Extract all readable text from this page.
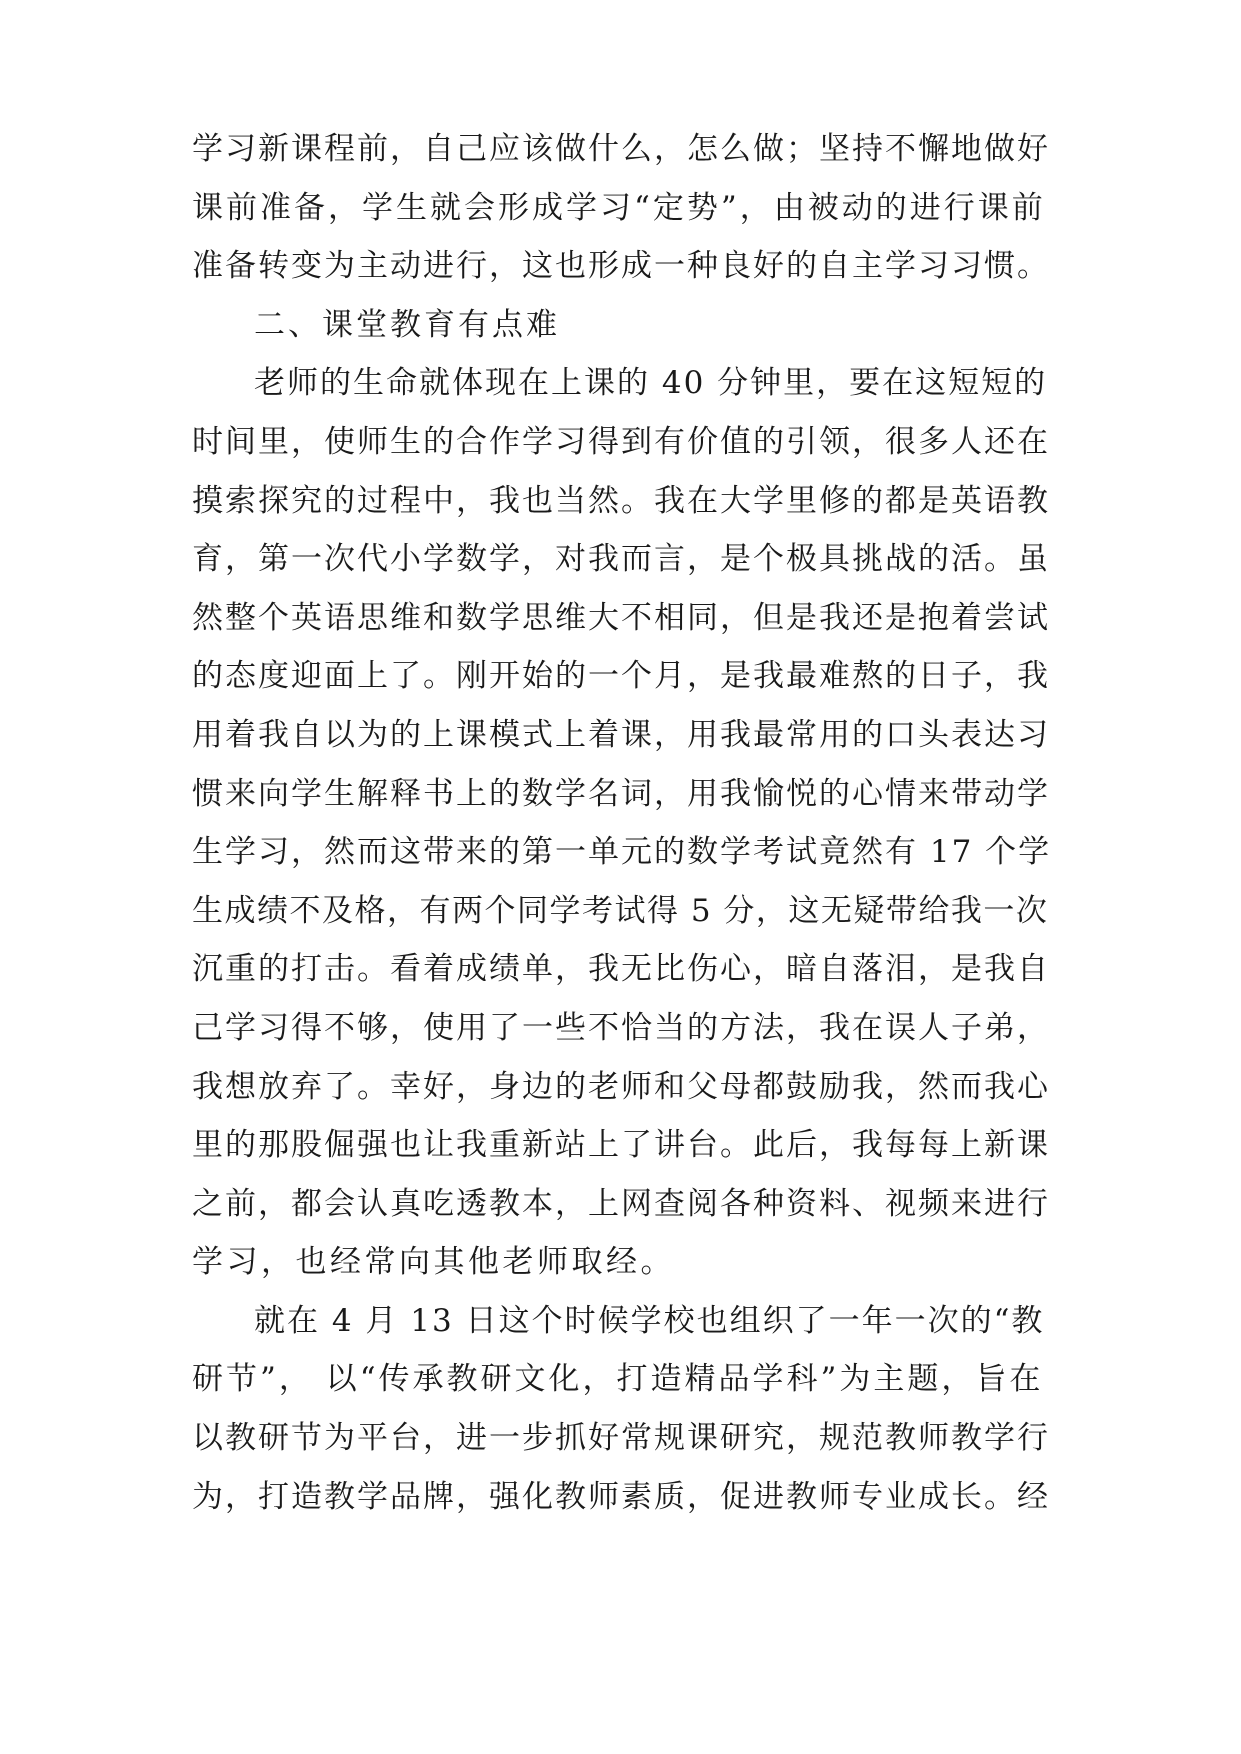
学习新课程前，自己应该做什么，怎么做；坚持不懈地做好
课前准备，学生就会形成学习“定势”，由被动的进行课前
准备转变为主动进行，这也形成一种良好的自主学习习惯。
二、课堂教育有点难
老师的生命就体现在上课的 40 分钟里，要在这短短的
时间里，使师生的合作学习得到有价值的引领，很多人还在
摸索探究的过程中，我也当然。我在大学里修的都是英语教
育，第一次代小学数学，对我而言，是个极具挑战的活。虽
然整个英语思维和数学思维大不相同，但是我还是抱着尝试
的态度迎面上了。刚开始的一个月，是我最难熬的日子，我
用着我自以为的上课模式上着课，用我最常用的口头表达习
惯来向学生解释书上的数学名词，用我愉悦的心情来带动学
生学习，然而这带来的第一单元的数学考试竟然有 17 个学
生成绩不及格，有两个同学考试得 5 分，这无疑带给我一次
沉重的打击。看着成绩单，我无比伤心，暗自落泪，是我自
己学习得不够，使用了一些不恰当的方法，我在误人子弟，
我想放弃了。幸好，身边的老师和父母都鼓励我，然而我心
里的那股倔强也让我重新站上了讲台。此后，我每每上新课
之前，都会认真吃透教本，上网查阅各种资料、视频来进行
学习，也经常向其他老师取经。
就在 4 月 13 日这个时候学校也组织了一年一次的“教
研节”， 以“传承教研文化，打造精品学科”为主题，旨在
以教研节为平台，进一步抓好常规课研究，规范教师教学行
为，打造教学品牌，强化教师素质，促进教师专业成长。经
